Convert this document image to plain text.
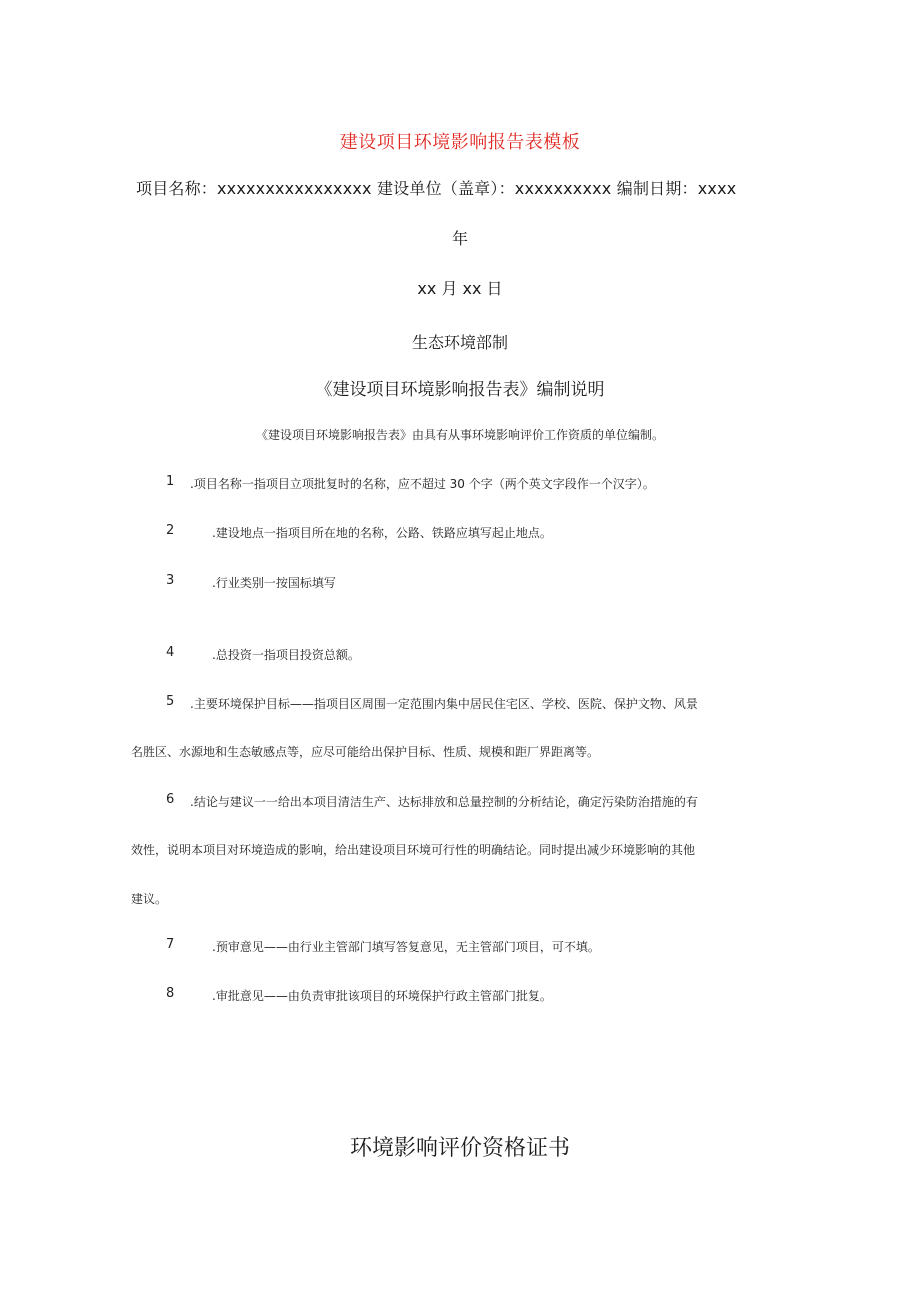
建设项目环境影响报告表模板
项目名称：xxxxxxxxxxxxxxxx 建设单位（盖章）：xxxxxxxxxx 编制日期：xxxx
年
xx 月 xx 日
生态环境部制
《建设项目环境影响报告表》编制说明
《建设项目环境影响报告表》由具有从事环境影响评价工作资质的单位编制。
1 .项目名称一指项目立项批复时的名称，应不超过 30 个字（两个英文字段作一个汉字）。
2	.建设地点一指项目所在地的名称，公路、铁路应填写起止地点。
3	.行业类别一按国标填写
4	.总投资一指项目投资总额。
5 .主要环境保护目标——指项目区周围一定范围内集中居民住宅区、学校、医院、保护文物、风景
名胜区、水源地和生态敏感点等，应尽可能给出保护目标、性质、规模和距厂界距离等。
6 .结论与建议一一给出本项目清洁生产、达标排放和总量控制的分析结论，确定污染防治措施的有
效性，说明本项目对环境造成的影响，给出建设项目环境可行性的明确结论。同时提出减少环境影响的其他
建议。
7	.预审意见——由行业主管部门填写答复意见，无主管部门项目，可不填。
8	.审批意见——由负责审批该项目的环境保护行政主管部门批复。
环境影响评价资格证书
